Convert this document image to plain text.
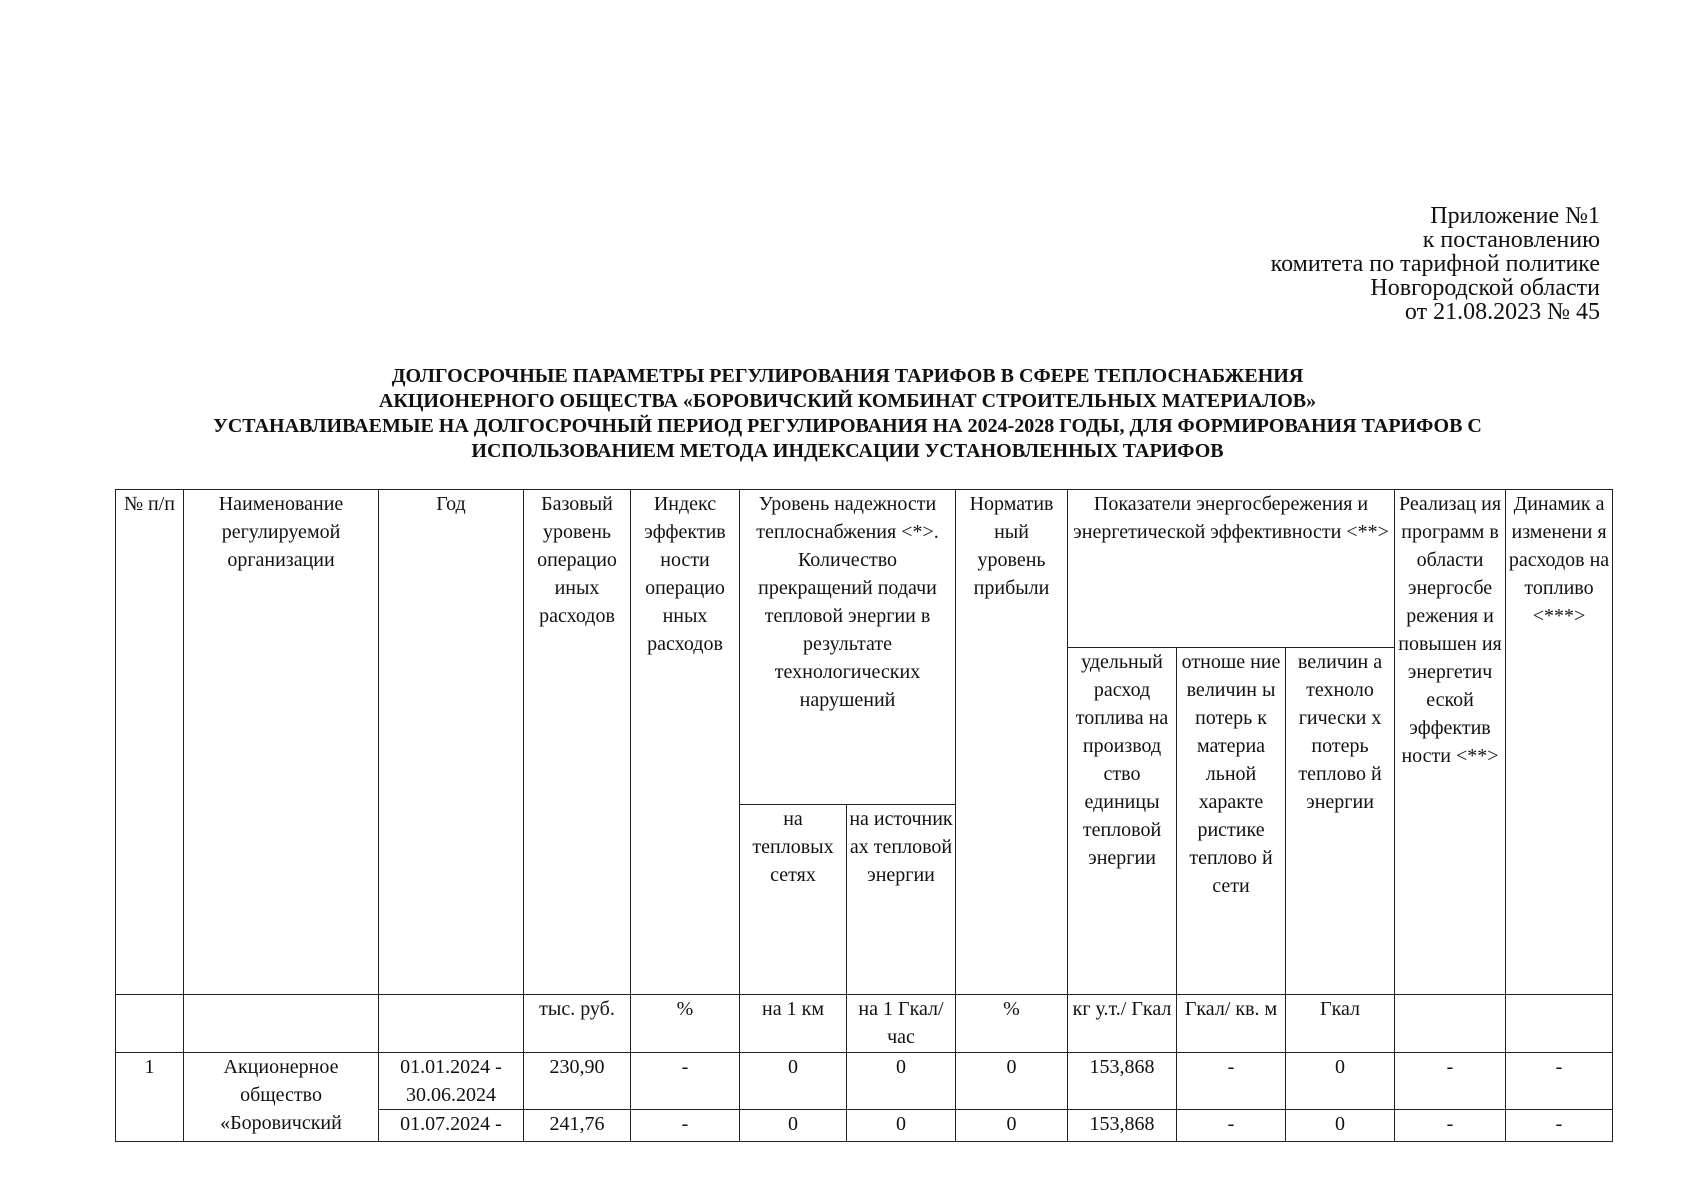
Приложение №1
к постановлению
комитета по тарифной политике
Новгородской области
от 21.08.2023 № 45
ДОЛГОСРОЧНЫЕ ПАРАМЕТРЫ РЕГУЛИРОВАНИЯ ТАРИФОВ В СФЕРЕ ТЕПЛОСНАБЖЕНИЯ
АКЦИОНЕРНОГО ОБЩЕСТВА «БОРОВИЧСКИЙ КОМБИНАТ СТРОИТЕЛЬНЫХ МАТЕРИАЛОВ»
УСТАНАВЛИВАЕМЫЕ НА ДОЛГОСРОЧНЫЙ ПЕРИОД РЕГУЛИРОВАНИЯ НА 2024-2028 ГОДЫ, ДЛЯ ФОРМИРОВАНИЯ ТАРИФОВ С
ИСПОЛЬЗОВАНИЕМ МЕТОДА ИНДЕКСАЦИИ УСТАНОВЛЕННЫХ ТАРИФОВ
№ п/п	Наименование регулируемой организации	Год	Базовый уровень операцио иных расходов	Индекс эффектив ности операцио нных расходов	Уровень надежности теплоснабжения <*>. Количество прекращений подачи тепловой энергии в результате технологических нарушений		Норматив ный уровень прибыли	Показатели энергосбережения и энергетической эффективности <**>			Реализац ия программ в области энергосбе режения и повышен ия энергетич еской эффектив ности <**>	Динамик а изменени я расходов на топливо <***>
								удельный расход топлива на производ ство единицы тепловой энергии	отноше ние величин ы потерь к материа льной характе ристике теплово й сети	величин а техноло гически х потерь теплово й энергии		
					на тепловых сетях	на источник ах тепловой энергии						
			тыс. руб.	%	на 1 км	на 1 Гкал/час	%	кг у.т./ Гкал	Гкал/ кв. м	Гкал		
1	Акционерное общество «Боровичский	01.01.2024 - 30.06.2024	230,90	-	0	0	0	153,868	-	0	-	-
		01.07.2024 -	241,76	-	0	0	0	153,868	-	0	-	-
